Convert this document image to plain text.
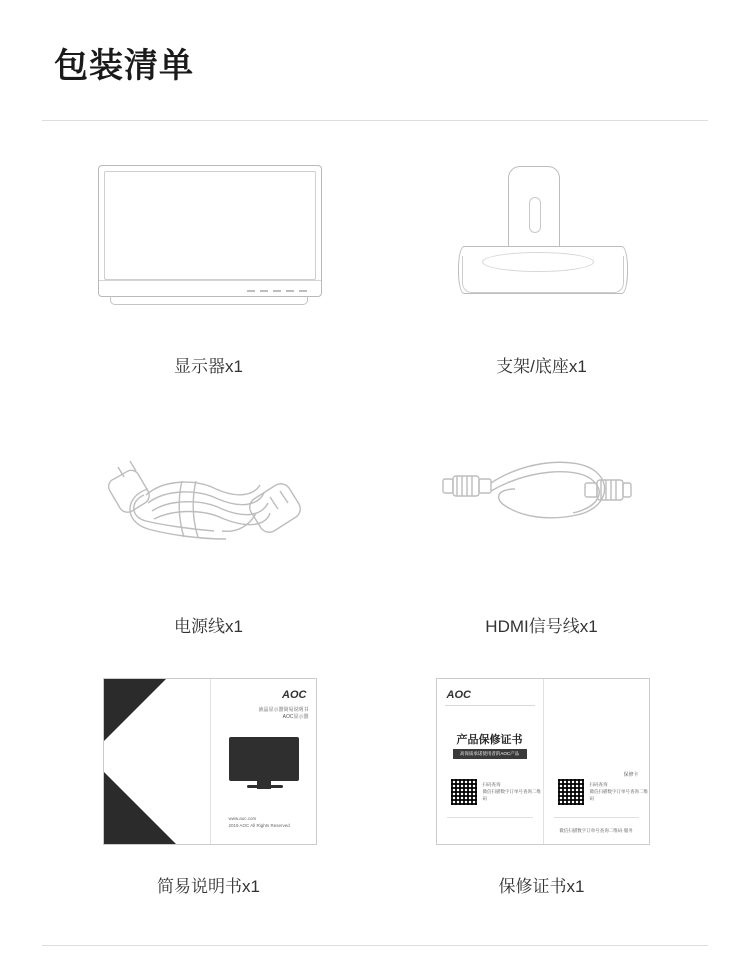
包装清单
显示器x1	支架/底座x1
电源线x1	HDMI信号线x1
AOC
液晶显示器简易说明书
AOC显示器
www.aoc.com
2019 AOC All Rights Reserved
简易说明书x1
AOC
产品保修证书
高保质承诺使用者的AOC产品
扫码查询
微信扫描数字订单号查询二维码
保修卡
扫码查询
微信扫描数字订单号查询二维码
微信扫描数字订单号查询二维码·服务
保修证书x1
